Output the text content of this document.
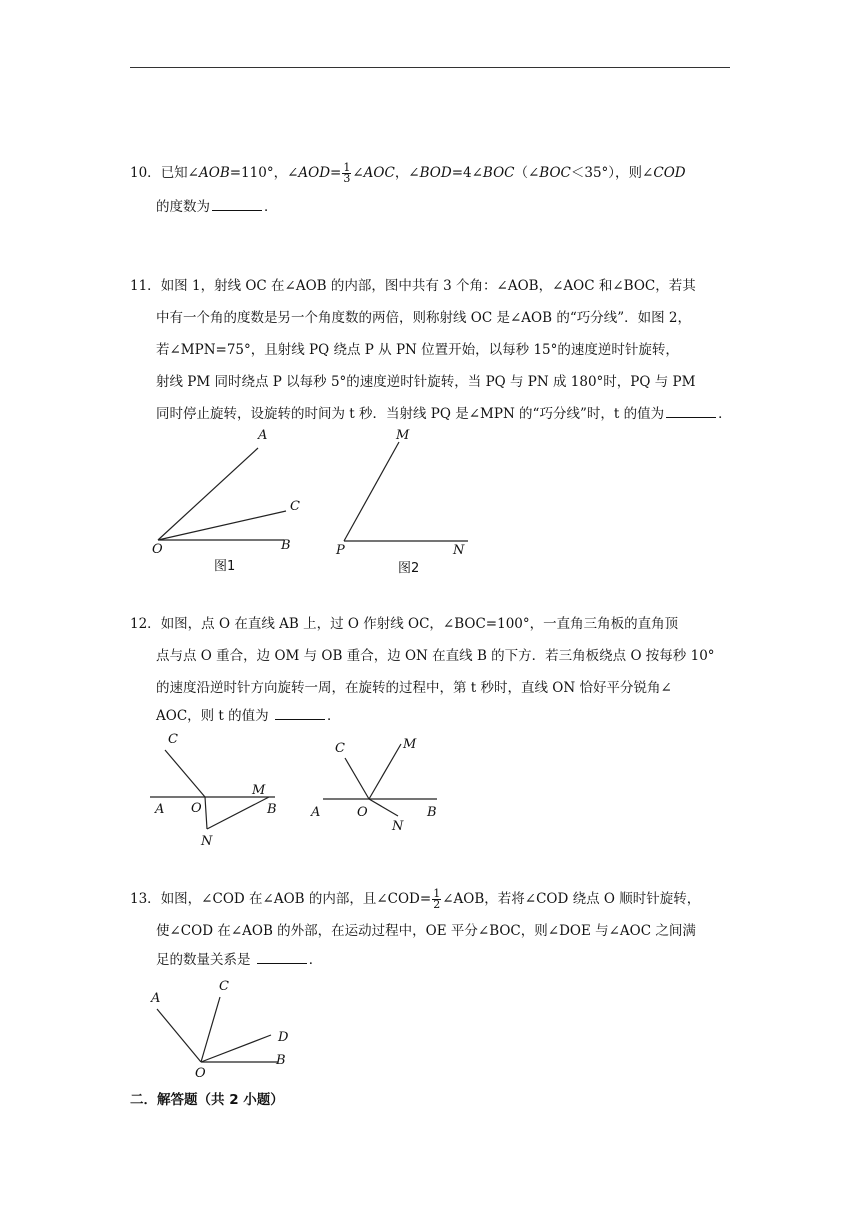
10．已知∠AOB=110°，∠AOD= $\frac{1}{3}$ ∠AOC，∠BOD=4∠BOC（∠BOC＜35°），则∠COD
的度数为	．
11．如图 1，射线 OC 在∠AOB 的内部，图中共有 3 个角：∠AOB，∠AOC 和∠BOC，若其
中有一个角的度数是另一个角度数的两倍，则称射线 OC 是∠AOB 的“巧分线”．如图 2，
若∠MPN=75°，且射线 PQ 绕点 P 从 PN 位置开始，以每秒 15°的速度逆时针旋转，
射线 PM 同时绕点 P 以每秒 5°的速度逆时针旋转，当 PQ 与 PN 成 180°时，PQ 与 PM
同时停止旋转，设旋转的时间为 t 秒．当射线 PQ 是∠MPN 的“巧分线”时，t 的值为	．
A
C
O	B
图1
M
P	N
图2
12．如图，点 O 在直线 AB 上，过 O 作射线 OC，∠BOC=100°，一直角三角板的直角顶
点与点 O 重合，边 OM 与 OB 重合，边 ON 在直线 B 的下方．若三角板绕点 O 按每秒 10°
的速度沿逆时针方向旋转一周，在旋转的过程中，第 t 秒时，直线 ON 恰好平分锐角∠
AOC，则 t 的值为	．
C
A O
M
B
N
C	M
A	O
N
B
13．如图，∠COD 在∠AOB 的内部，且∠COD= $\frac{1}{2}$ ∠AOB，若将∠COD 绕点 O 顺时针旋转，
使∠COD 在∠AOB 的外部，在运动过程中，OE 平分∠BOC，则∠DOE 与∠AOC 之间满
足的数量关系是	．
A
C
D
O
B
二．解答题（共 2 小题）
